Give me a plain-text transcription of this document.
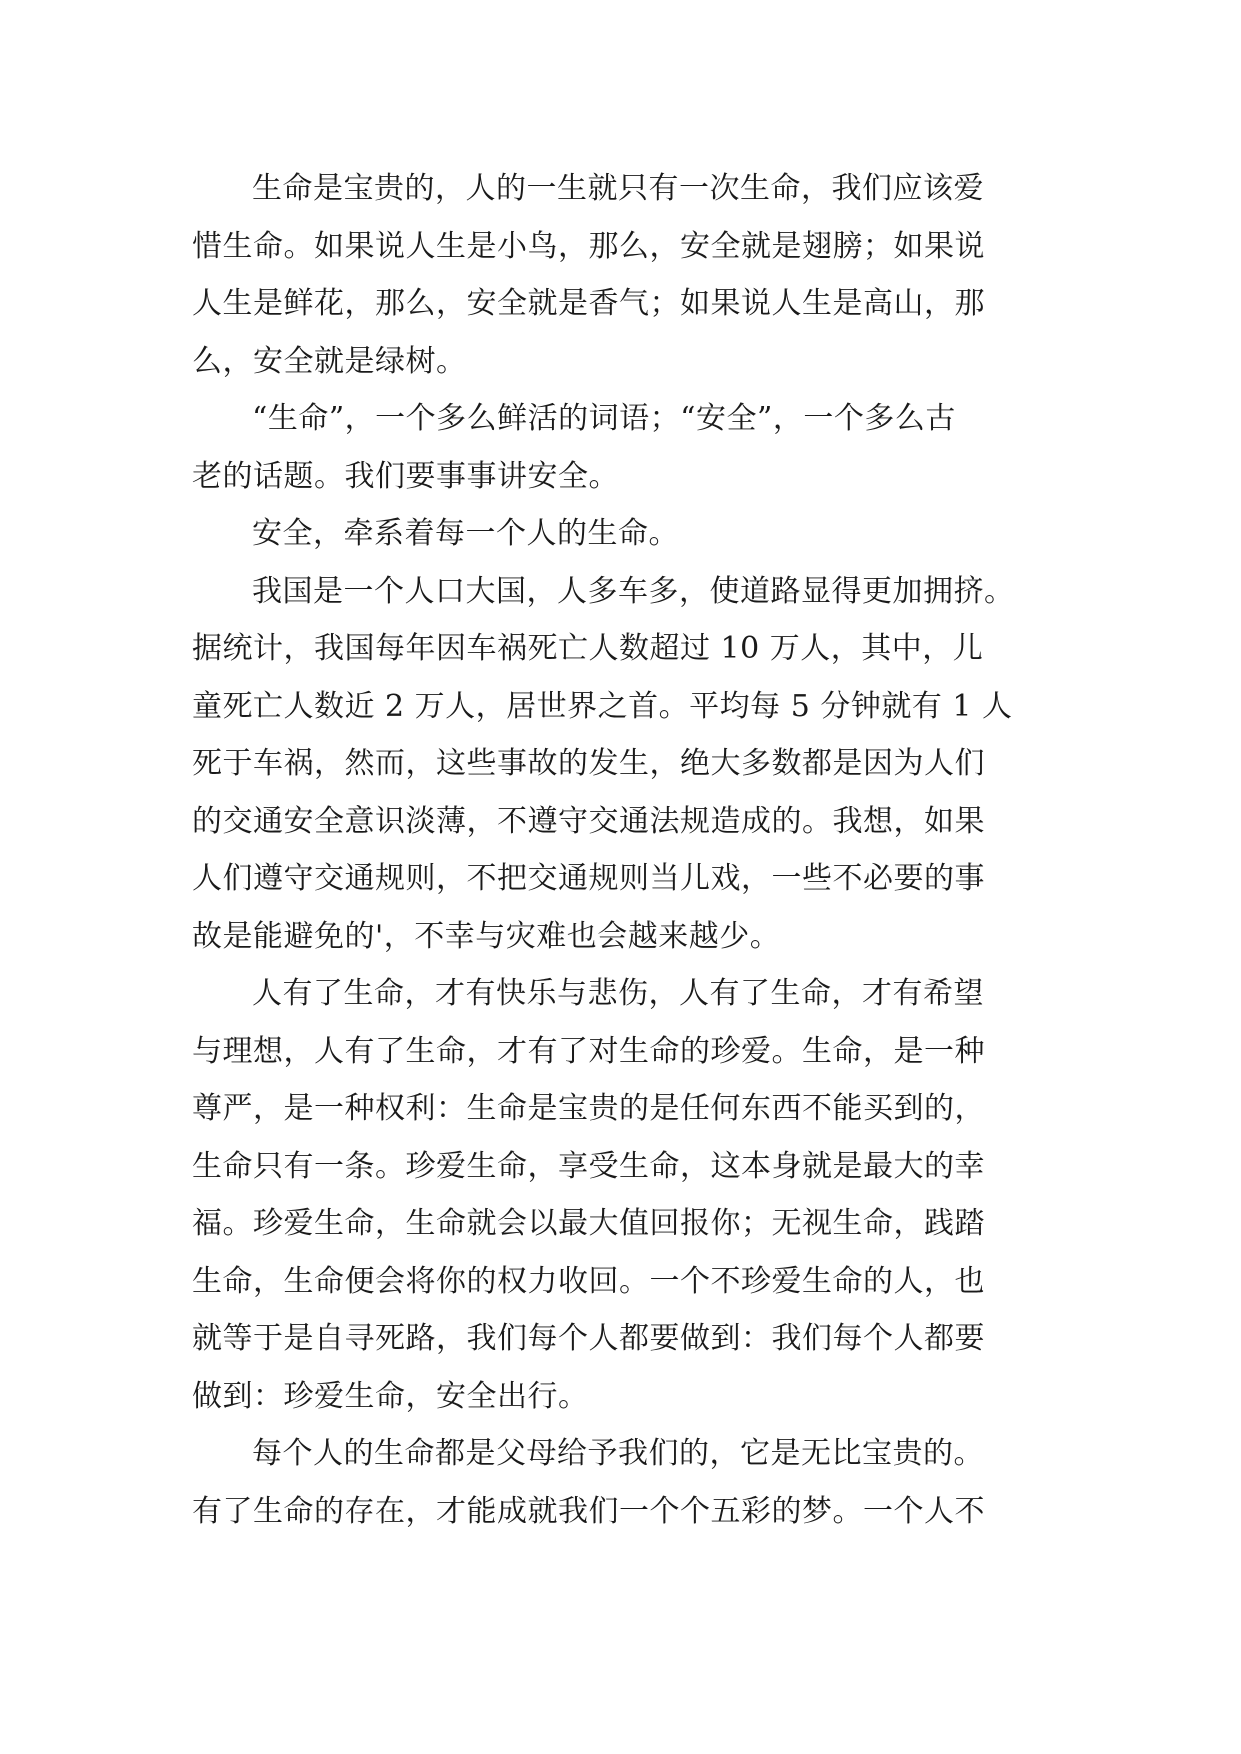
生命是宝贵的，人的一生就只有一次生命，我们应该爱
惜生命。如果说人生是小鸟，那么，安全就是翅膀；如果说
人生是鲜花，那么，安全就是香气；如果说人生是高山，那
么，安全就是绿树。
“生命”，一个多么鲜活的词语；“安全”，一个多么古
老的话题。我们要事事讲安全。
安全，牵系着每一个人的生命。
我国是一个人口大国，人多车多，使道路显得更加拥挤。
据统计，我国每年因车祸死亡人数超过 10 万人，其中，儿
童死亡人数近 2 万人，居世界之首。平均每 5 分钟就有 1 人
死于车祸，然而，这些事故的发生，绝大多数都是因为人们
的交通安全意识淡薄，不遵守交通法规造成的。我想，如果
人们遵守交通规则，不把交通规则当儿戏，一些不必要的事
故是能避免的'，不幸与灾难也会越来越少。
人有了生命，才有快乐与悲伤，人有了生命，才有希望
与理想，人有了生命，才有了对生命的珍爱。生命，是一种
尊严，是一种权利：生命是宝贵的是任何东西不能买到的，
生命只有一条。珍爱生命，享受生命，这本身就是最大的幸
福。珍爱生命，生命就会以最大值回报你；无视生命，践踏
生命，生命便会将你的权力收回。一个不珍爱生命的人，也
就等于是自寻死路，我们每个人都要做到：我们每个人都要
做到：珍爱生命，安全出行。
每个人的生命都是父母给予我们的，它是无比宝贵的。
有了生命的存在，才能成就我们一个个五彩的梦。一个人不
